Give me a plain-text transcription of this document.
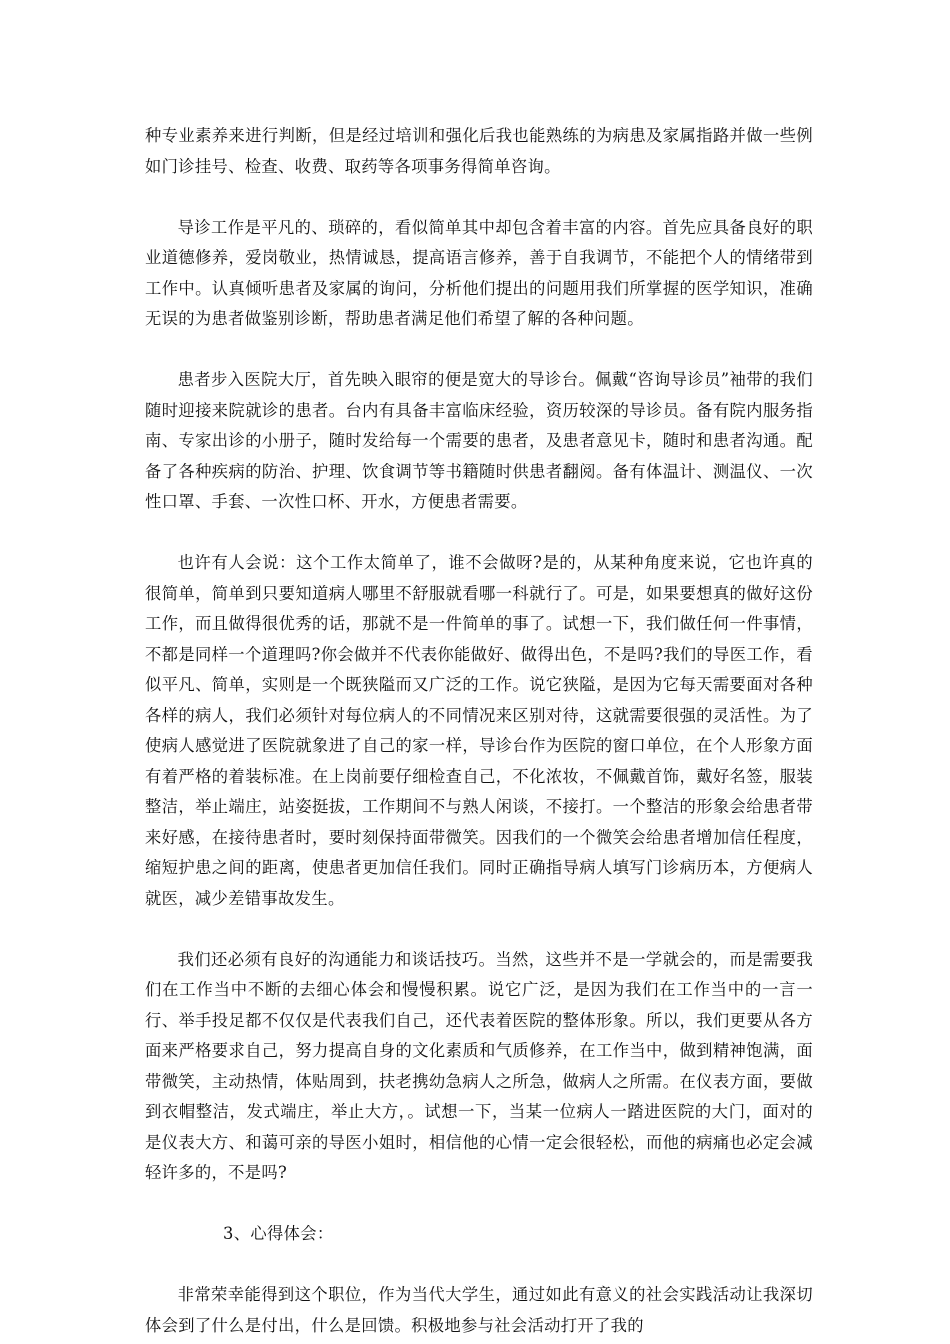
种专业素养来进行判断，但是经过培训和强化后我也能熟练的为病患及家属指路并做一些例如门诊挂号、检查、收费、取药等各项事务得简单咨询。

导诊工作是平凡的、琐碎的，看似简单其中却包含着丰富的内容。首先应具备良好的职业道德修养，爱岗敬业，热情诚恳，提高语言修养，善于自我调节，不能把个人的情绪带到工作中。认真倾听患者及家属的询问，分析他们提出的问题用我们所掌握的医学知识，准确无误的为患者做鉴别诊断，帮助患者满足他们希望了解的各种问题。

患者步入医院大厅，首先映入眼帘的便是宽大的导诊台。佩戴“咨询导诊员”袖带的我们随时迎接来院就诊的患者。台内有具备丰富临床经验，资历较深的导诊员。备有院内服务指南、专家出诊的小册子，随时发给每一个需要的患者，及患者意见卡，随时和患者沟通。配备了各种疾病的防治、护理、饮食调节等书籍随时供患者翻阅。备有体温计、测温仪、一次性口罩、手套、一次性口杯、开水，方便患者需要。

也许有人会说：这个工作太简单了，谁不会做呀?是的，从某种角度来说，它也许真的很简单，简单到只要知道病人哪里不舒服就看哪一科就行了。可是，如果要想真的做好这份工作，而且做得很优秀的话，那就不是一件简单的事了。试想一下，我们做任何一件事情，不都是同样一个道理吗?你会做并不代表你能做好、做得出色，不是吗?我们的导医工作，看似平凡、简单，实则是一个既狭隘而又广泛的工作。说它狭隘，是因为它每天需要面对各种各样的病人，我们必须针对每位病人的不同情况来区别对待，这就需要很强的灵活性。为了使病人感觉进了医院就象进了自己的家一样，导诊台作为医院的窗口单位，在个人形象方面有着严格的着装标准。在上岗前要仔细检查自己，不化浓妆，不佩戴首饰，戴好名签，服装整洁，举止端庄，站姿挺拔，工作期间不与熟人闲谈，不接打。一个整洁的形象会给患者带来好感，在接待患者时，要时刻保持面带微笑。因我们的一个微笑会给患者增加信任程度，缩短护患之间的距离，使患者更加信任我们。同时正确指导病人填写门诊病历本，方便病人就医，减少差错事故发生。

我们还必须有良好的沟通能力和谈话技巧。当然，这些并不是一学就会的，而是需要我们在工作当中不断的去细心体会和慢慢积累。说它广泛，是因为我们在工作当中的一言一行、举手投足都不仅仅是代表我们自己，还代表着医院的整体形象。所以，我们更要从各方面来严格要求自己，努力提高自身的文化素质和气质修养，在工作当中，做到精神饱满，面带微笑，主动热情，体贴周到，扶老携幼急病人之所急，做病人之所需。在仪表方面，要做到衣帽整洁，发式端庄，举止大方，。试想一下，当某一位病人一踏进医院的大门，面对的是仪表大方、和蔼可亲的导医小姐时，相信他的心情一定会很轻松，而他的病痛也必定会减轻许多的，不是吗?

3、心得体会：

非常荣幸能得到这个职位，作为当代大学生，通过如此有意义的社会实践活动让我深切体会到了什么是付出，什么是回馈。积极地参与社会活动打开了我的
